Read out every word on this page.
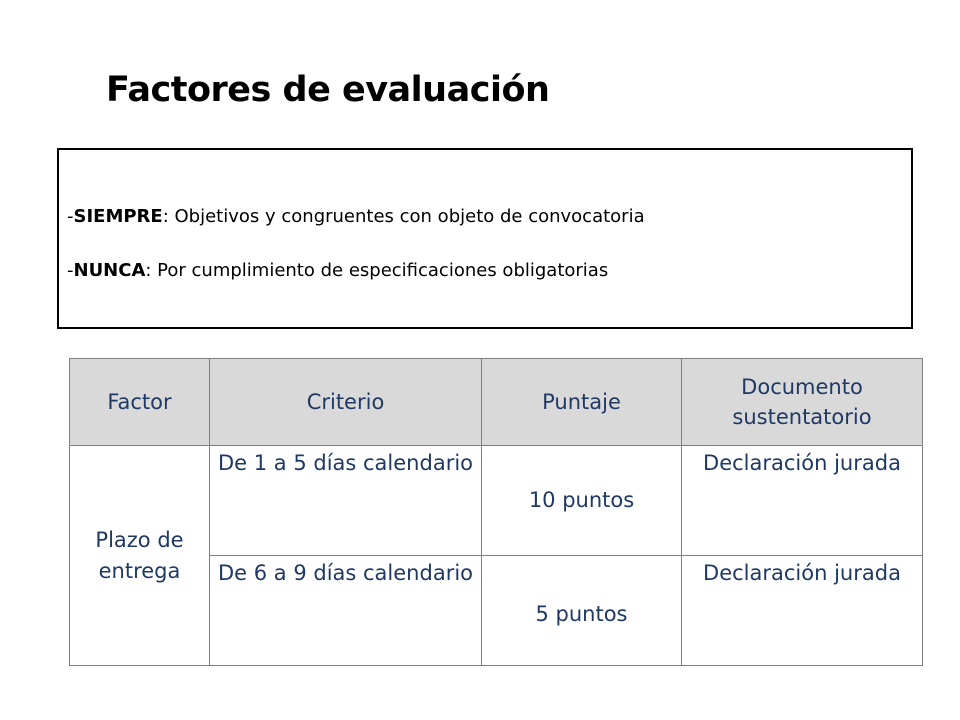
Factores de evaluación
-SIEMPRE: Objetivos y congruentes con objeto de convocatoria
-NUNCA: Por cumplimiento de especificaciones obligatorias
Factor	Criterio	Puntaje	Documento sustentatorio
Plazo de entrega	De 1 a 5 días calendario	10 puntos	Declaración jurada
	De 6 a 9 días calendario	5 puntos	Declaración jurada
